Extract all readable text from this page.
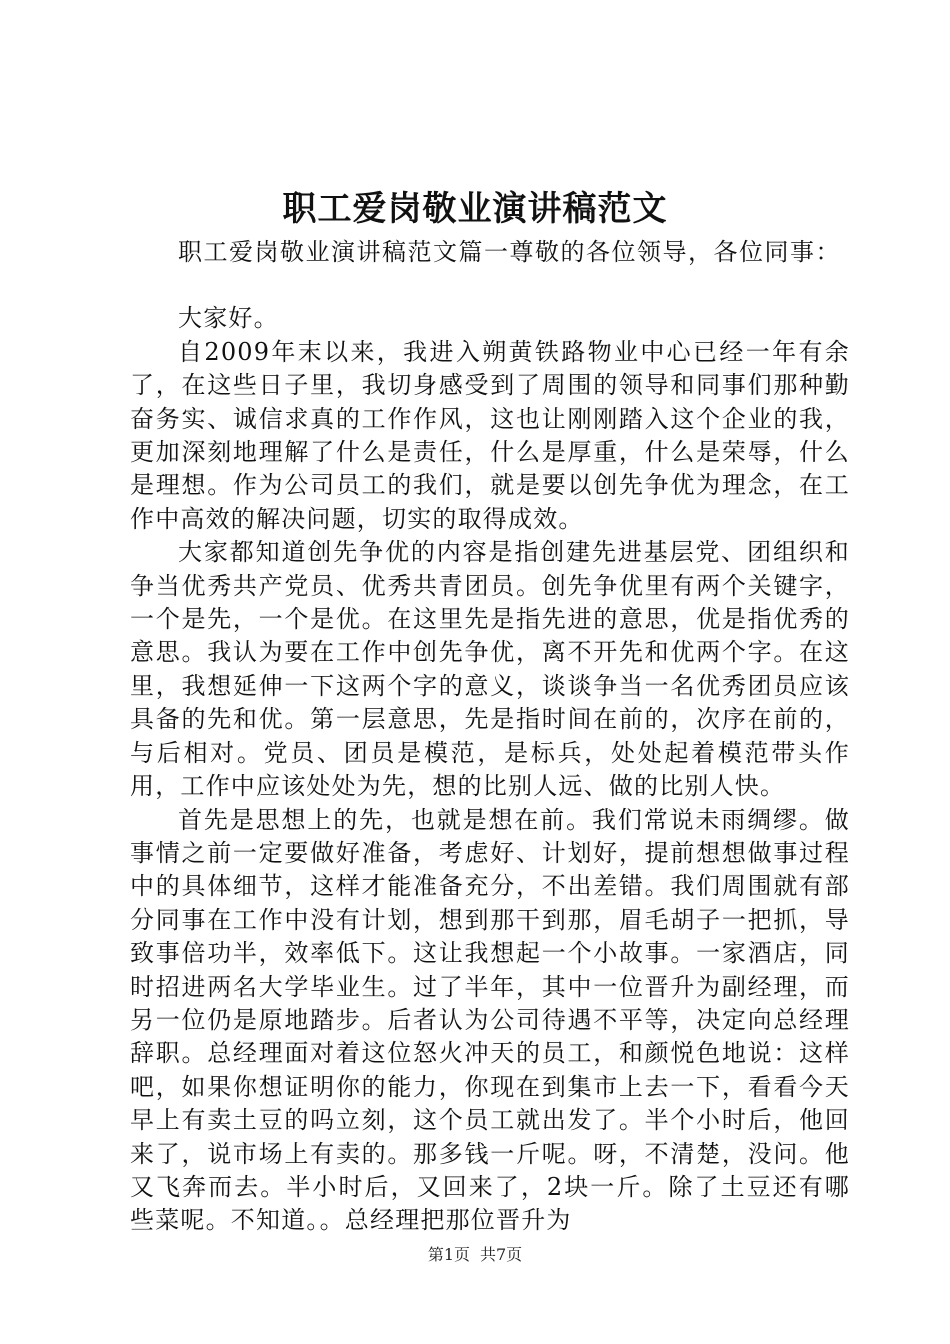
职工爱岗敬业演讲稿范文

职工爱岗敬业演讲稿范文篇一尊敬的各位领导，各位同事：

大家好。

自2009年末以来，我进入朔黄铁路物业中心已经一年有余了，在这些日子里，我切身感受到了周围的领导和同事们那种勤奋务实、诚信求真的工作作风，这也让刚刚踏入这个企业的我，更加深刻地理解了什么是责任，什么是厚重，什么是荣辱，什么是理想。作为公司员工的我们，就是要以创先争优为理念，在工作中高效的解决问题，切实的取得成效。

大家都知道创先争优的内容是指创建先进基层党、团组织和争当优秀共产党员、优秀共青团员。创先争优里有两个关键字，一个是先，一个是优。在这里先是指先进的意思，优是指优秀的意思。我认为要在工作中创先争优，离不开先和优两个字。在这里，我想延伸一下这两个字的意义，谈谈争当一名优秀团员应该具备的先和优。第一层意思，先是指时间在前的，次序在前的，与后相对。党员、团员是模范，是标兵，处处起着模范带头作用，工作中应该处处为先，想的比别人远、做的比别人快。

首先是思想上的先，也就是想在前。我们常说未雨绸缪。做事情之前一定要做好准备，考虑好、计划好，提前想想做事过程中的具体细节，这样才能准备充分，不出差错。我们周围就有部分同事在工作中没有计划，想到那干到那，眉毛胡子一把抓，导致事倍功半，效率低下。这让我想起一个小故事。一家酒店，同时招进两名大学毕业生。过了半年，其中一位晋升为副经理，而另一位仍是原地踏步。后者认为公司待遇不平等，决定向总经理辞职。总经理面对着这位怒火冲天的员工，和颜悦色地说：这样吧，如果你想证明你的能力，你现在到集市上去一下，看看今天早上有卖土豆的吗立刻，这个员工就出发了。半个小时后，他回来了，说市场上有卖的。那多钱一斤呢。呀，不清楚，没问。他又飞奔而去。半小时后，又回来了，2块一斤。除了土豆还有哪些菜呢。不知道。。总经理把那位晋升为

第1页 共7页
